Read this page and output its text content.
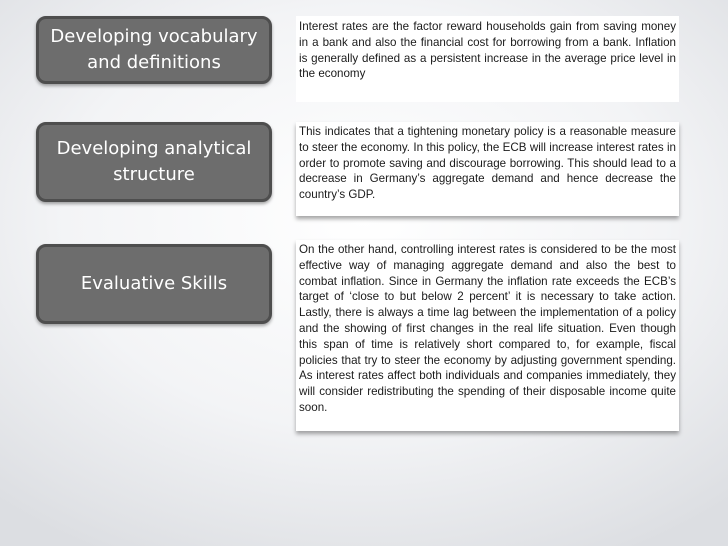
Developing vocabulary and definitions
Interest rates are the factor reward households gain from saving money in a bank and also the financial cost for borrowing from a bank. Inflation is generally defined as a persistent increase in the average price level in the economy
Developing analytical structure
This indicates that a tightening monetary policy is a reasonable measure to steer the economy. In this policy, the ECB will increase interest rates in order to promote saving and discourage borrowing. This should lead to a decrease in Germany’s aggregate demand and hence decrease the country’s GDP.
Evaluative Skills
On the other hand, controlling interest rates is considered to be the most effective way of managing aggregate demand and also the best to combat inflation. Since in Germany the inflation rate exceeds the ECB’s target of ‘close to but below 2 percent’ it is necessary to take action. Lastly, there is always a time lag between the implementation of a policy and the showing of first changes in the real life situation. Even though this span of time is relatively short compared to, for example, fiscal policies that try to steer the economy by adjusting government spending. As interest rates affect both individuals and companies immediately, they will consider redistributing the spending of their disposable income quite soon.
